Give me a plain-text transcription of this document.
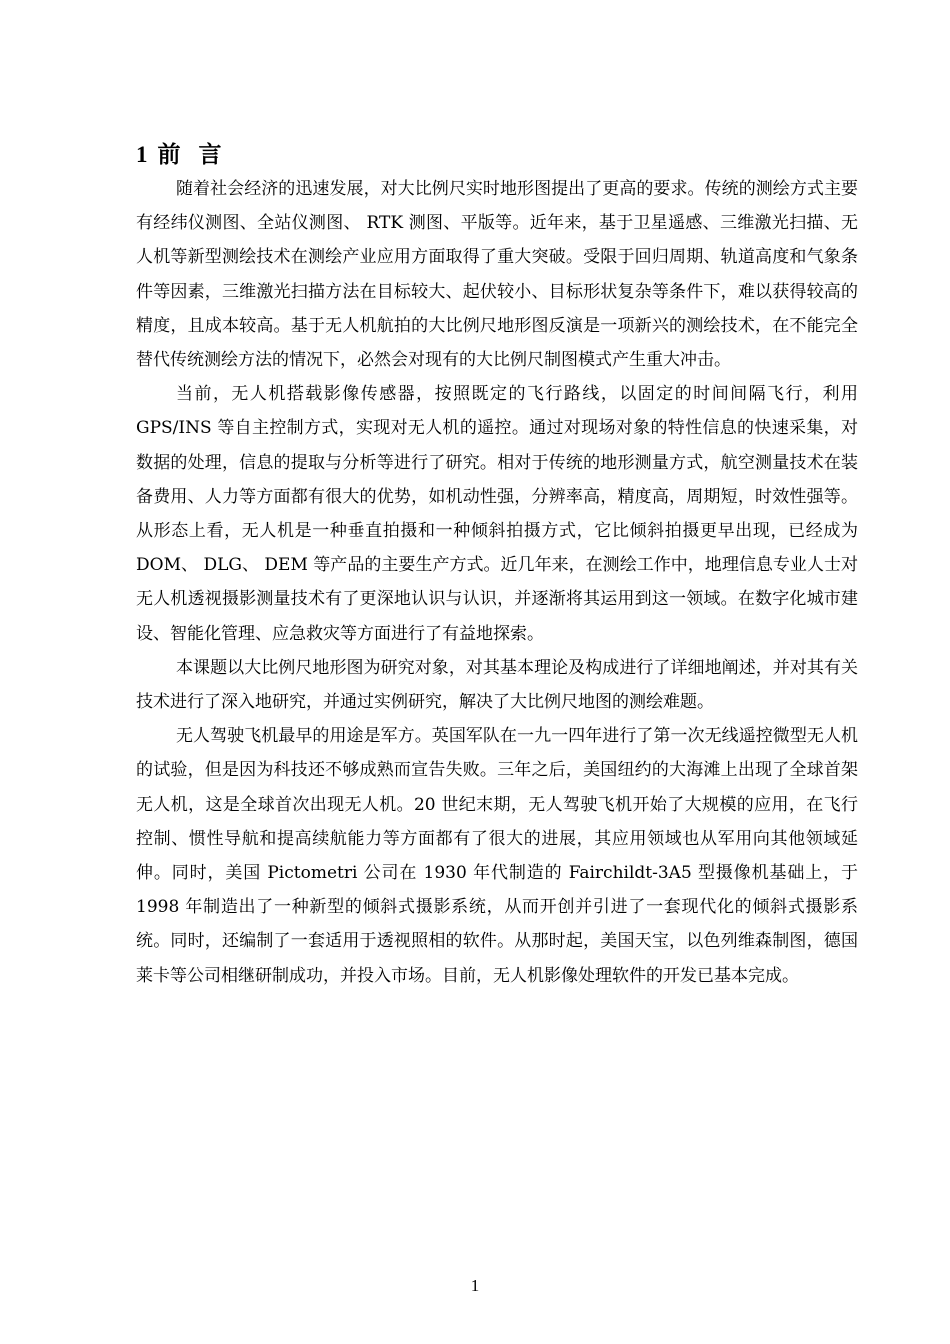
1 前言

随着社会经济的迅速发展，对大比例尺实时地形图提出了更高的要求。传统的测绘方式主要有经纬仪测图、全站仪测图、 RTK 测图、平版等。近年来，基于卫星遥感、三维激光扫描、无人机等新型测绘技术在测绘产业应用方面取得了重大突破。受限于回归周期、轨道高度和气象条件等因素，三维激光扫描方法在目标较大、起伏较小、目标形状复杂等条件下，难以获得较高的精度，且成本较高。基于无人机航拍的大比例尺地形图反演是一项新兴的测绘技术，在不能完全替代传统测绘方法的情况下，必然会对现有的大比例尺制图模式产生重大冲击。

当前，无人机搭载影像传感器，按照既定的飞行路线，以固定的时间间隔飞行，利用 GPS/INS 等自主控制方式，实现对无人机的遥控。通过对现场对象的特性信息的快速采集，对数据的处理，信息的提取与分析等进行了研究。相对于传统的地形测量方式，航空测量技术在装备费用、人力等方面都有很大的优势，如机动性强，分辨率高，精度高，周期短，时效性强等。从形态上看，无人机是一种垂直拍摄和一种倾斜拍摄方式，它比倾斜拍摄更早出现，已经成为 DOM、 DLG、 DEM 等产品的主要生产方式。近几年来，在测绘工作中，地理信息专业人士对无人机透视摄影测量技术有了更深地认识与认识，并逐渐将其运用到这一领域。在数字化城市建设、智能化管理、应急救灾等方面进行了有益地探索。

本课题以大比例尺地形图为研究对象，对其基本理论及构成进行了详细地阐述，并对其有关技术进行了深入地研究，并通过实例研究，解决了大比例尺地图的测绘难题。

无人驾驶飞机最早的用途是军方。英国军队在一九一四年进行了第一次无线遥控微型无人机的试验，但是因为科技还不够成熟而宣告失败。三年之后，美国纽约的大海滩上出现了全球首架无人机，这是全球首次出现无人机。20 世纪末期，无人驾驶飞机开始了大规模的应用，在飞行控制、惯性导航和提高续航能力等方面都有了很大的进展，其应用领域也从军用向其他领域延伸。同时，美国 Pictometri 公司在 1930 年代制造的 Fairchildt-3A5 型摄像机基础上，于 1998 年制造出了一种新型的倾斜式摄影系统，从而开创并引进了一套现代化的倾斜式摄影系统。同时，还编制了一套适用于透视照相的软件。从那时起，美国天宝，以色列维森制图，德国莱卡等公司相继研制成功，并投入市场。目前，无人机影像处理软件的开发已基本完成。

1
